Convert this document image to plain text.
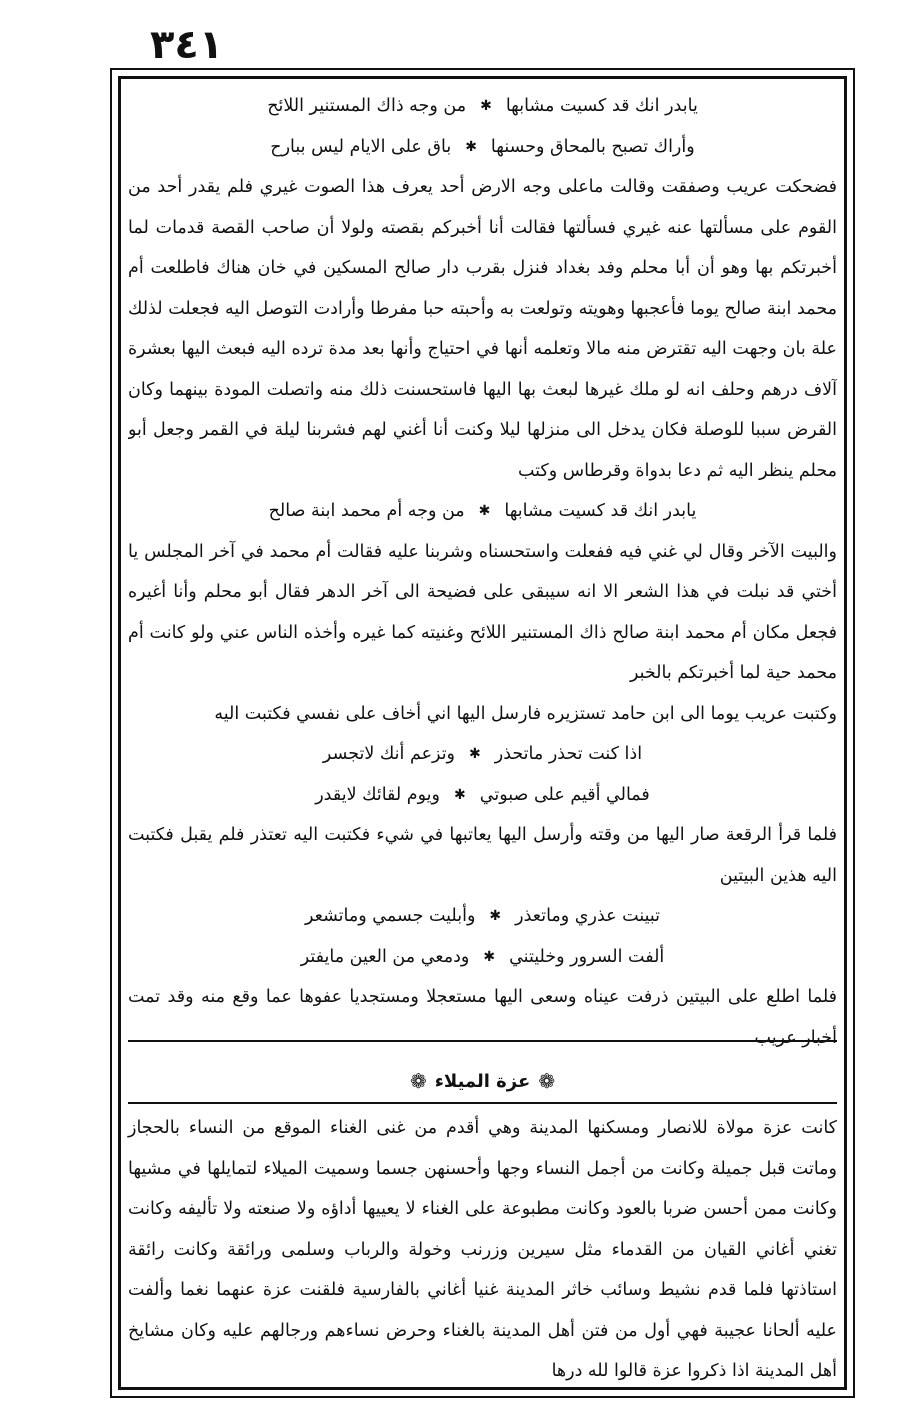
٣٤١
يابدر انك قد كسيت مشابها
✱
من وجه ذاك المستنير اللائح
وأراك تصبح بالمحاق وحسنها
✱
باق على الايام ليس ببارح

فضحكت عريب وصفقت وقالت ماعلى وجه الارض أحد يعرف هذا الصوت غيري فلم يقدر أحد من القوم على مسألتها عنه غيري فسألتها فقالت أنا أخبركم بقصته ولولا أن صاحب القصة قدمات لما أخبرتكم بها وهو أن أبا محلم وفد بغداد فنزل بقرب دار صالح المسكين في خان هناك فاطلعت أم محمد ابنة صالح يوما فأعجبها وهويته وتولعت به وأحبته حبا مفرطا وأرادت التوصل اليه فجعلت لذلك علة بان وجهت اليه تقترض منه مالا وتعلمه أنها في احتياج وأنها بعد مدة ترده اليه فبعث اليها بعشرة آلاف درهم وحلف انه لو ملك غيرها لبعث بها اليها فاستحسنت ذلك منه واتصلت المودة بينهما وكان القرض سببا للوصلة فكان يدخل الى منزلها ليلا وكنت أنا أغني لهم فشربنا ليلة في القمر وجعل أبو محلم ينظر اليه ثم دعا بدواة وقرطاس وكتب

يابدر انك قد كسيت مشابها
✱
من وجه أم محمد ابنة صالح

والبيت الآخر وقال لي غني فيه ففعلت واستحسناه وشربنا عليه فقالت أم محمد في آخر المجلس يا أختي قد نبلت في هذا الشعر الا انه سيبقى على فضيحة الى آخر الدهر فقال أبو محلم وأنا أغيره فجعل مكان أم محمد ابنة صالح ذاك المستنير اللائح وغنيته كما غيره وأخذه الناس عني ولو كانت أم محمد حية لما أخبرتكم بالخبر

وكتبت عريب يوما الى ابن حامد تستزيره فارسل اليها اني أخاف على نفسي فكتبت اليه

اذا كنت تحذر ماتحذر
✱
وتزعم أنك لاتجسر
فمالي أقيم على صبوتي
✱
ويوم لقائك لايقدر

فلما قرأ الرقعة صار اليها من وقته وأرسل اليها يعاتبها في شيء فكتبت اليه تعتذر فلم يقبل فكتبت اليه هذين البيتين

تبينت عذري وماتعذر
✱
وأبليت جسمي وماتشعر
ألفت السرور وخليتني
✱
ودمعي من العين مايفتر

فلما اطلع على البيتين ذرفت عيناه وسعى اليها مستعجلا ومستجديا عفوها عما وقع منه وقد تمت أخبار عريب

❁
عزة الميلاء
❁

كانت عزة مولاة للانصار ومسكنها المدينة وهي أقدم من غنى الغناء الموقع من النساء بالحجاز وماتت قبل جميلة وكانت من أجمل النساء وجها وأحسنهن جسما وسميت الميلاء لتمايلها في مشيها وكانت ممن أحسن ضربا بالعود وكانت مطبوعة على الغناء لا يعييها أداؤه ولا صنعته ولا تأليفه وكانت تغني أغاني القيان من القدماء مثل سيرين وزرنب وخولة والرباب وسلمى ورائقة وكانت رائقة استاذتها فلما قدم نشيط وسائب خاثر المدينة غنيا أغاني بالفارسية فلقنت عزة عنهما نغما وألفت عليه ألحانا عجيبة فهي أول من فتن أهل المدينة بالغناء وحرض نساءهم ورجالهم عليه وكان مشايخ أهل المدينة اذا ذكروا عزة قالوا لله درها
